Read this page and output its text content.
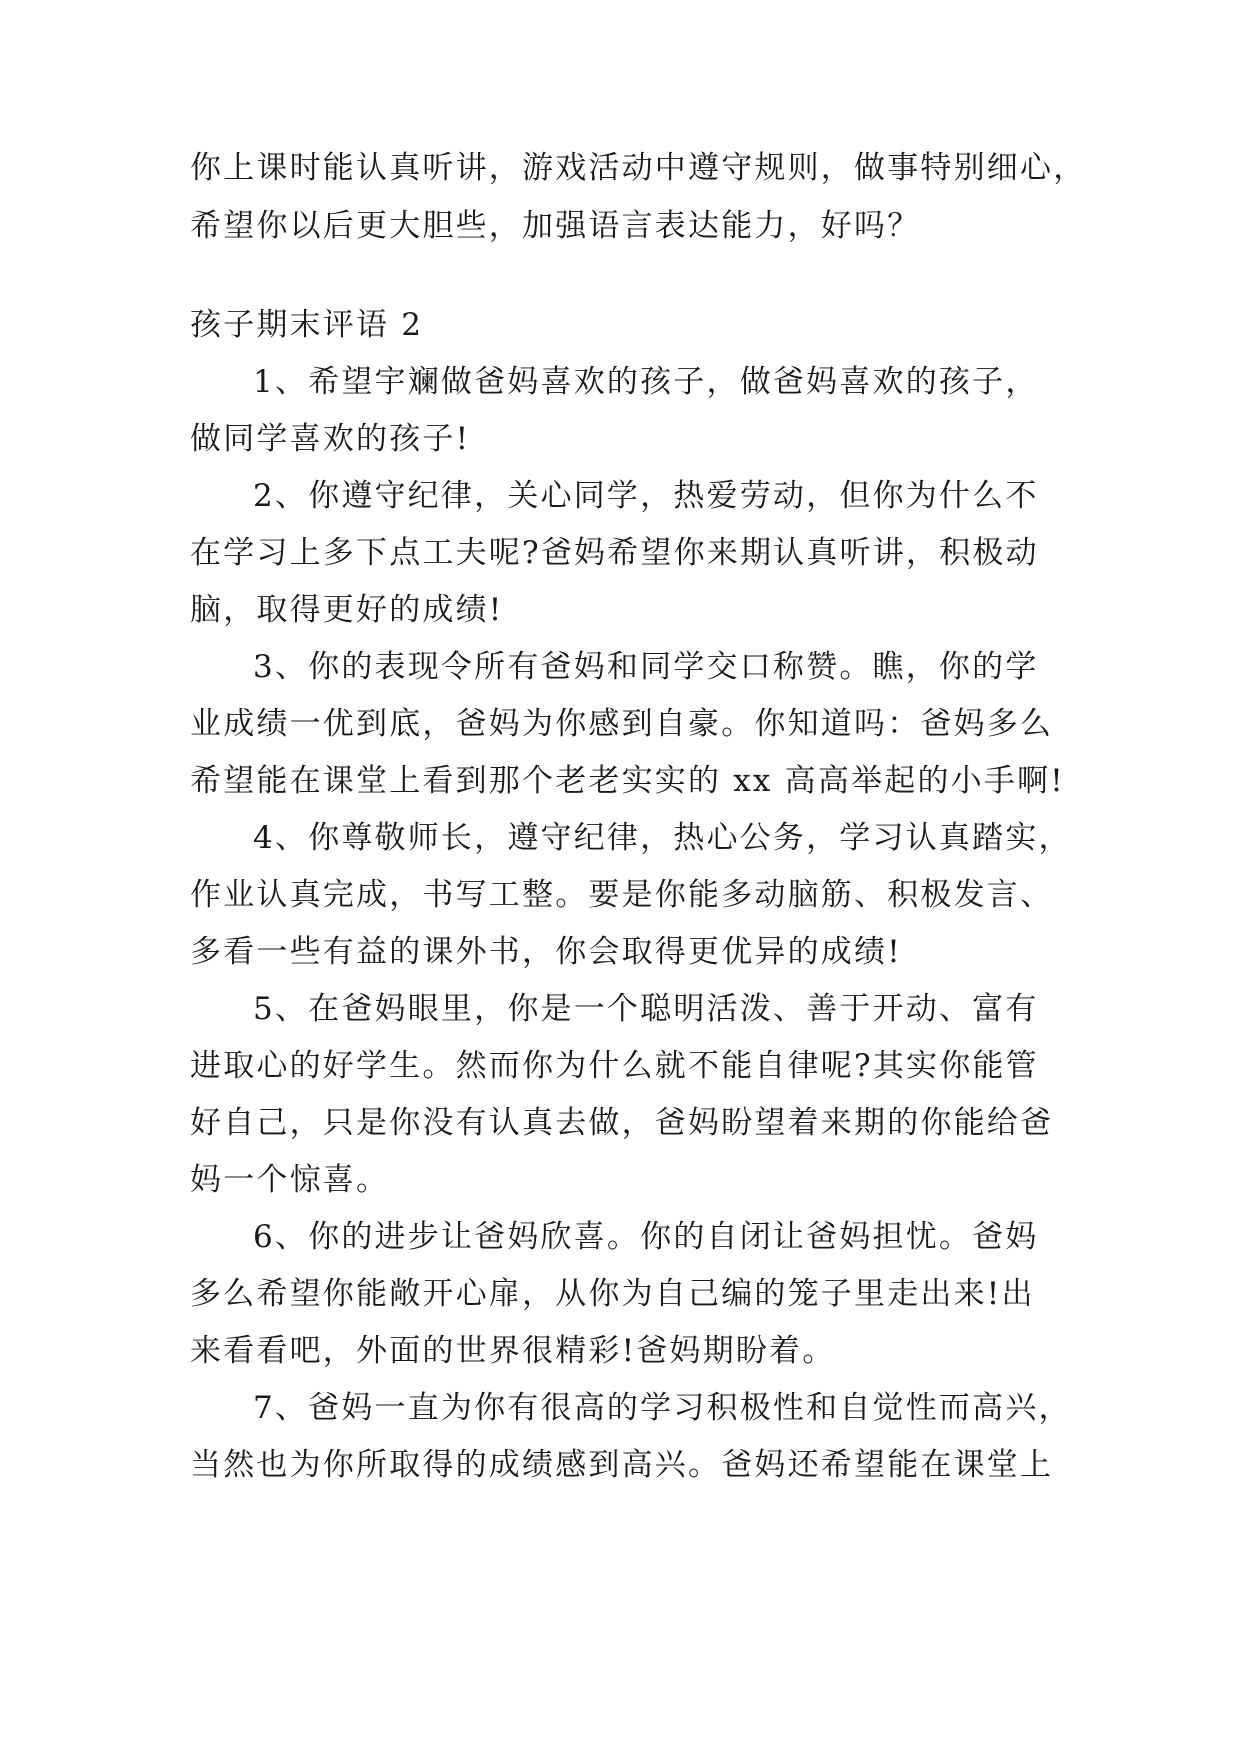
你上课时能认真听讲，游戏活动中遵守规则，做事特别细心，
希望你以后更大胆些，加强语言表达能力，好吗？
孩子期末评语 2
1、希望宇斓做爸妈喜欢的孩子，做爸妈喜欢的孩子，
做同学喜欢的孩子!
2、你遵守纪律，关心同学，热爱劳动，但你为什么不
在学习上多下点工夫呢?爸妈希望你来期认真听讲，积极动
脑，取得更好的成绩!
3、你的表现令所有爸妈和同学交口称赞。瞧，你的学
业成绩一优到底，爸妈为你感到自豪。你知道吗：爸妈多么
希望能在课堂上看到那个老老实实的 xx 高高举起的小手啊!
4、你尊敬师长，遵守纪律，热心公务，学习认真踏实，
作业认真完成，书写工整。要是你能多动脑筋、积极发言、
多看一些有益的课外书，你会取得更优异的成绩!
5、在爸妈眼里，你是一个聪明活泼、善于开动、富有
进取心的好学生。然而你为什么就不能自律呢?其实你能管
好自己，只是你没有认真去做，爸妈盼望着来期的你能给爸
妈一个惊喜。
6、你的进步让爸妈欣喜。你的自闭让爸妈担忧。爸妈
多么希望你能敞开心扉，从你为自己编的笼子里走出来!出
来看看吧，外面的世界很精彩!爸妈期盼着。
7、爸妈一直为你有很高的学习积极性和自觉性而高兴，
当然也为你所取得的成绩感到高兴。爸妈还希望能在课堂上
